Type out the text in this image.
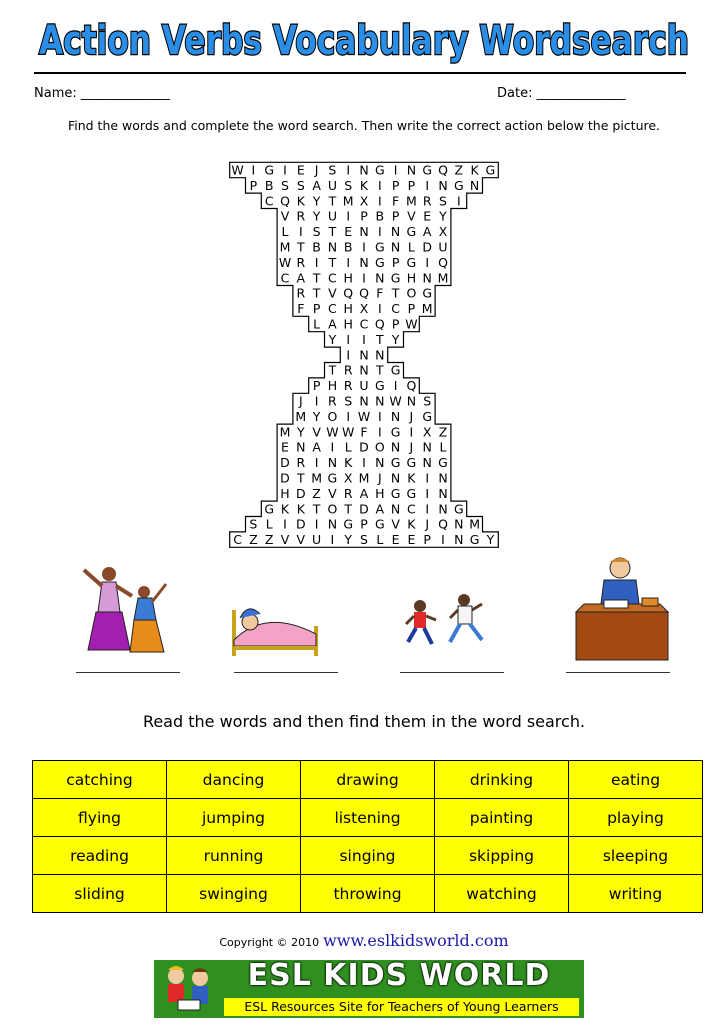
Action Verbs Vocabulary Wordsearch
Name: ________________	Date: ________________
Find the words and complete the word search. Then write the correct action below the picture.
W I G I E J S I N G I N G Q Z K G
P B S S A U S K I P P I N G N
C Q K Y T M X I F M R S I
V R Y U I P B P V E Y
L I S T E N I N G A X
M T B N B I G N L D U
W R I T I N G P G I Q
C A T C H I N G H N M
R T V Q Q F T O G
F P C H X I C P M
L A H C Q P W
Y I I T Y
I N N
T R N T G
P H R U G I Q
J I R S N N W N S
M Y O I W I N J G
M Y V W W F I G I X Z
E N A I L D O N J N L
D R I N K I N G G N G
D T M G X M J N K I N
H D Z V R A H G G I N
G K K T O T D A N C I N G
S L I D I N G P G V K J Q N M
C Z Z V V U I Y S L E E P I N G Y
Read the words and then find them in the word search.
catching	dancing	drawing	drinking	eating
flying	jumping	listening	painting	playing
reading	running	singing	skipping	sleeping
sliding	swinging	throwing	watching	writing
Copyright © 2010 www.eslkidsworld.com
ESL KIDS WORLD
ESL Resources Site for Teachers of Young Learners
